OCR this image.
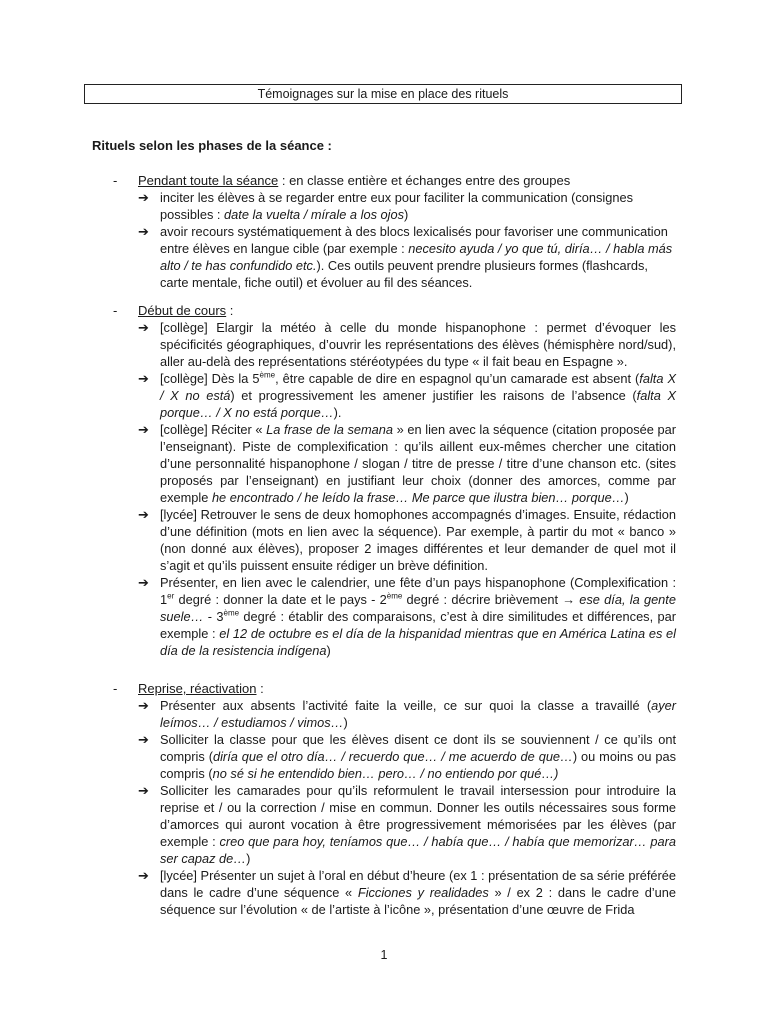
Témoignages sur la mise en place des rituels
Rituels selon les phases de la séance :
- Pendant toute la séance : en classe entière et échanges entre des groupes
➔ inciter les élèves à se regarder entre eux pour faciliter la communication (consignes possibles : date la vuelta / mírale a los ojos)
➔ avoir recours systématiquement à des blocs lexicalisés pour favoriser une communication entre élèves en langue cible (par exemple : necesito ayuda / yo que tú, diría… / habla más alto / te has confundido etc.). Ces outils peuvent prendre plusieurs formes (flashcards, carte mentale, fiche outil) et évoluer au fil des séances.
- Début de cours :
➔ [collège] Elargir la météo à celle du monde hispanophone : permet d’évoquer les spécificités géographiques, d’ouvrir les représentations des élèves (hémisphère nord/sud), aller au-delà des représentations stéréotypées du type « il fait beau en Espagne ».
➔ [collège] Dès la 5ème, être capable de dire en espagnol qu’un camarade est absent (falta X / X no está) et progressivement les amener justifier les raisons de l’absence (falta X porque… / X no está porque…).
➔ [collège] Réciter « La frase de la semana » en lien avec la séquence (citation proposée par l’enseignant). Piste de complexification : qu’ils aillent eux-mêmes chercher une citation d’une personnalité hispanophone / slogan / titre de presse / titre d’une chanson etc. (sites proposés par l’enseignant) en justifiant leur choix (donner des amorces, comme par exemple he encontrado / he leído la frase… Me parce que ilustra bien… porque…)
➔ [lycée] Retrouver le sens de deux homophones accompagnés d’images. Ensuite, rédaction d’une définition (mots en lien avec la séquence). Par exemple, à partir du mot « banco » (non donné aux élèves), proposer 2 images différentes et leur demander de quel mot il s’agit et qu’ils puissent ensuite rédiger un brève définition.
➔ Présenter, en lien avec le calendrier, une fête d’un pays hispanophone (Complexification : 1er degré : donner la date et le pays - 2ème degré : décrire brièvement → ese día, la gente suele… - 3ème degré : établir des comparaisons, c’est à dire similitudes et différences, par exemple : el 12 de octubre es el día de la hispanidad mientras que en América Latina es el día de la resistencia indígena)
- Reprise, réactivation :
➔ Présenter aux absents l’activité faite la veille, ce sur quoi la classe a travaillé (ayer leímos… / estudiamos / vimos…)
➔ Solliciter la classe pour que les élèves disent ce dont ils se souviennent / ce qu’ils ont compris (diría que el otro día… / recuerdo que… / me acuerdo de que…) ou moins ou pas compris (no sé si he entendido bien… pero… / no entiendo por qué…)
➔ Solliciter les camarades pour qu’ils reformulent le travail intersession pour introduire la reprise et / ou la correction / mise en commun. Donner les outils nécessaires sous forme d’amorces qui auront vocation à être progressivement mémorisées par les élèves (par exemple : creo que para hoy, teníamos que… / había que… / había que memorizar… para ser capaz de…)
➔ [lycée] Présenter un sujet à l’oral en début d’heure (ex 1 : présentation de sa série préférée dans le cadre d’une séquence « Ficciones y realidades » / ex 2 : dans le cadre d’une séquence sur l’évolution « de l’artiste à l’icône », présentation d’une œuvre de Frida
1
